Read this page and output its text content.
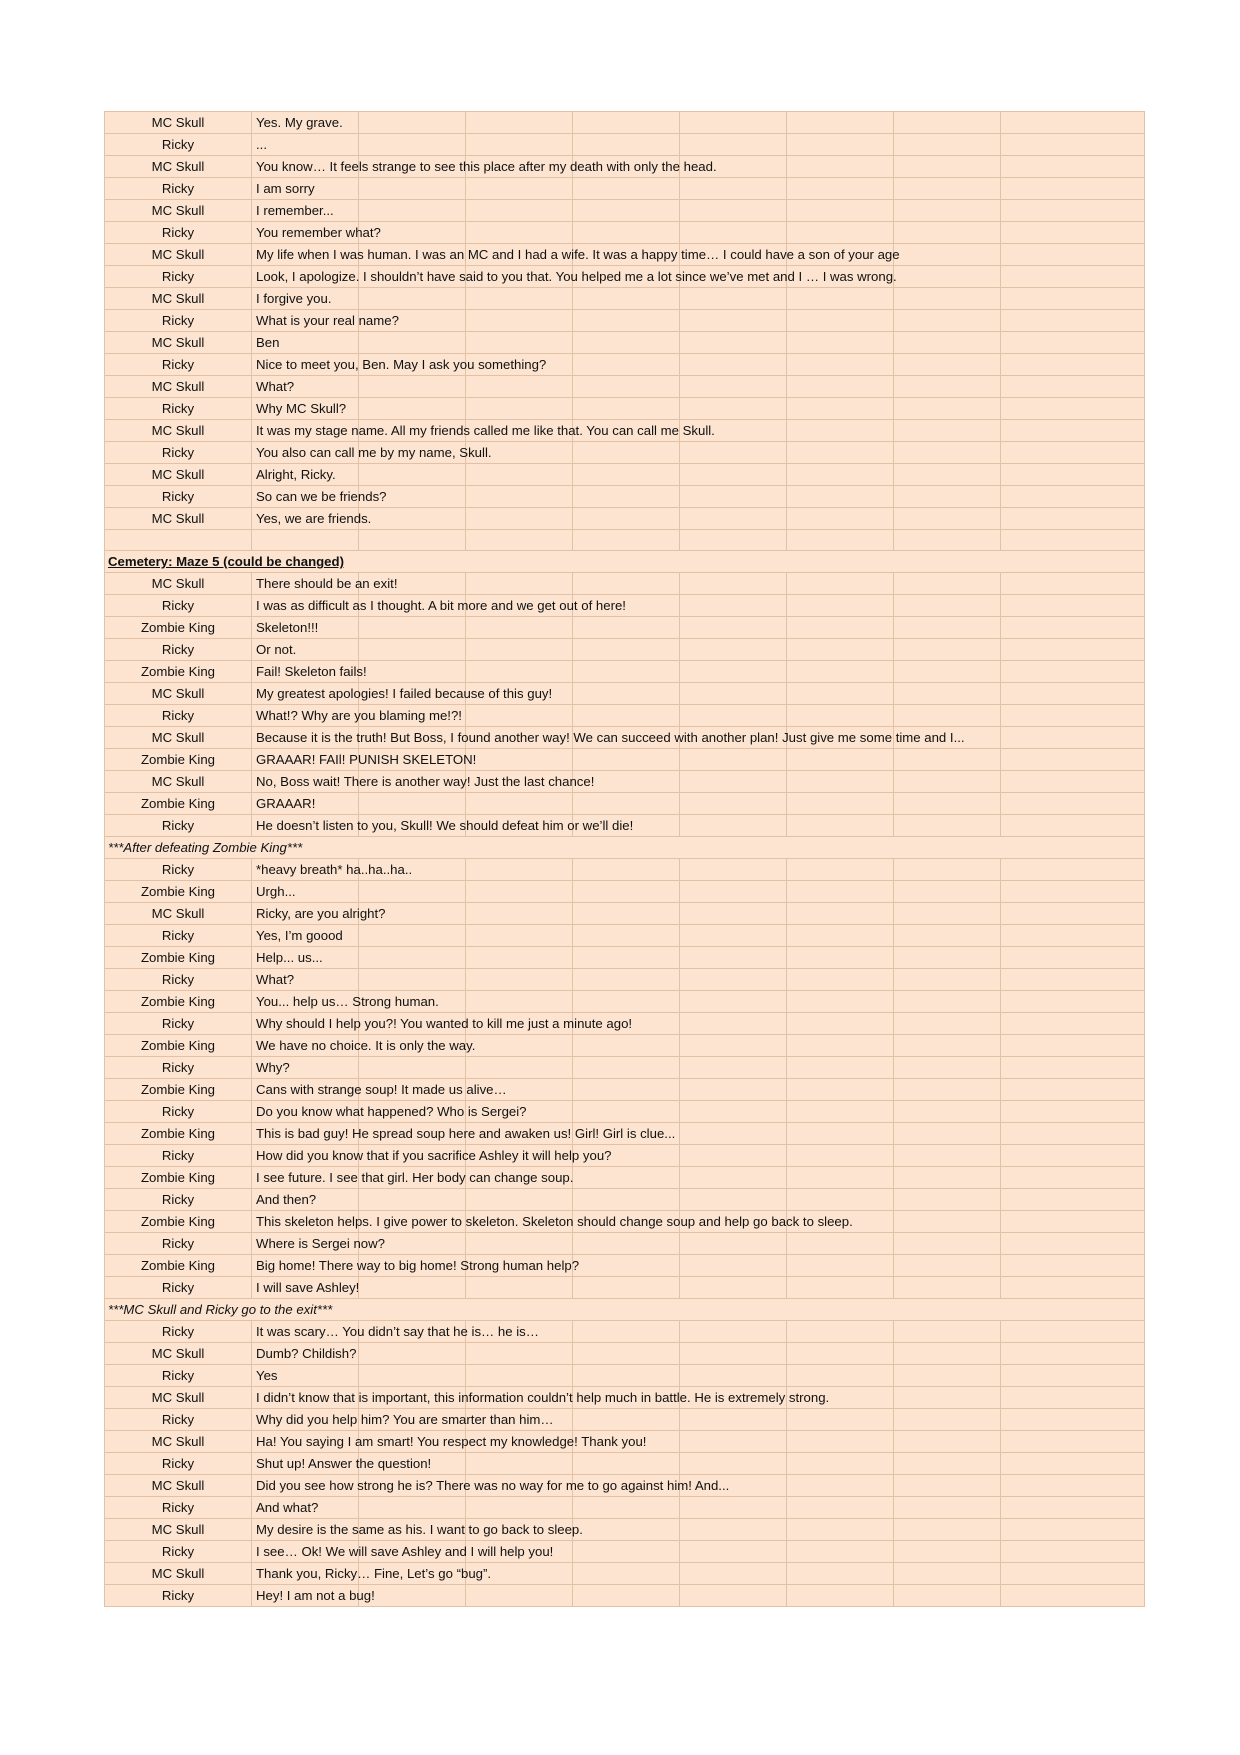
MC Skull	Yes. My grave.							
Ricky	...							
MC Skull	You know… It feels strange to see this place after my death with only the head.							
Ricky	I am sorry							
MC Skull	I remember...							
Ricky	You remember what?							
MC Skull	My life when I was human. I was an MC and I had a wife. It was a happy time… I could have a son of your age							
Ricky	Look, I apologize. I shouldn’t have said to you that. You helped me a lot since we’ve met and I … I was wrong.							
MC Skull	I forgive you.							
Ricky	What is your real name?							
MC Skull	Ben							
Ricky	Nice to meet you, Ben. May I ask you something?							
MC Skull	What?							
Ricky	Why MC Skull?							
MC Skull	It was my stage name. All my friends called me like that. You can call me Skull.							
Ricky	You also can call me by my name, Skull.							
MC Skull	Alright, Ricky.							
Ricky	So can we be friends?							
MC Skull	Yes, we are friends.							

Cemetery: Maze 5 (could be changed)								
MC Skull	There should be an exit!							
Ricky	I was as difficult as I thought. A bit more and we get out of here!							
Zombie King	Skeleton!!!							
Ricky	Or not.							
Zombie King	Fail! Skeleton fails!							
MC Skull	My greatest apologies! I failed because of this guy!							
Ricky	What!? Why are you blaming me!?!							
MC Skull	Because it is the truth! But Boss, I found another way! We can succeed with another plan! Just give me some time and I...							
Zombie King	GRAAAR! FAIl! PUNISH SKELETON!							
MC Skull	No, Boss wait! There is another way! Just the last chance!							
Zombie King	GRAAAR!							
Ricky	He doesn’t listen to you, Skull! We should defeat him or we’ll die!							
***After defeating Zombie King***								
Ricky	*heavy breath* ha..ha..ha..							
Zombie King	Urgh...							
MC Skull	Ricky, are you alright?							
Ricky	Yes, I’m goood							
Zombie King	Help... us...							
Ricky	What?							
Zombie King	You... help us… Strong human.							
Ricky	Why should I help you?! You wanted to kill me just a minute ago!							
Zombie King	We have no choice. It is only the way.							
Ricky	Why?							
Zombie King	Cans with strange soup! It made us alive…							
Ricky	Do you know what happened? Who is Sergei?							
Zombie King	This is bad guy! He spread soup here and awaken us! Girl! Girl is clue...							
Ricky	How did you know that if you sacrifice Ashley it will help you?							
Zombie King	I see future. I see that girl. Her body can change soup.							
Ricky	And then?							
Zombie King	This skeleton helps. I give power to skeleton. Skeleton should change soup and help go back to sleep.							
Ricky	Where is Sergei now?							
Zombie King	Big home! There way to big home! Strong human help?							
Ricky	I will save Ashley!							
***MC Skull and Ricky go to the exit***								
Ricky	It was scary… You didn’t say that he is… he is…							
MC Skull	Dumb? Childish?							
Ricky	Yes							
MC Skull	I didn’t know that is important, this information couldn’t help much in battle. He is extremely strong.							
Ricky	Why did you help him? You are smarter than him…							
MC Skull	Ha! You saying I am smart! You respect my knowledge! Thank you!							
Ricky	Shut up! Answer the question!							
MC Skull	Did you see how strong he is? There was no way for me to go against him! And...							
Ricky	And what?							
MC Skull	My desire is the same as his. I want to go back to sleep.							
Ricky	I see… Ok! We will save Ashley and I will help you!							
MC Skull	Thank you, Ricky… Fine, Let’s go “bug”.							
Ricky	Hey! I am not a bug!							
